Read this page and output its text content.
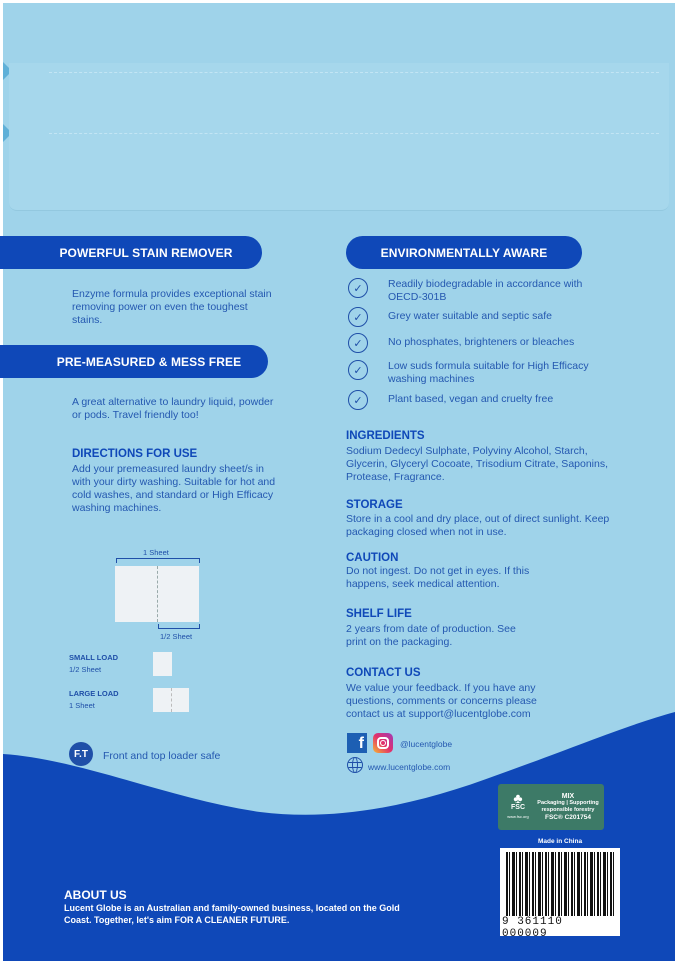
POWERFUL STAIN REMOVER
Enzyme formula provides exceptional stain removing power on even the toughest stains.
PRE-MEASURED & MESS FREE
A great alternative to laundry liquid, powder or pods. Travel friendly too!
DIRECTIONS FOR USE
Add your premeasured laundry sheet/s in with your dirty washing. Suitable for hot and cold washes, and standard or High Efficacy washing machines.
1 Sheet
1/2 Sheet
SMALL LOAD
1/2 Sheet
LARGE LOAD
1 Sheet
F.T	Front and top loader safe
ENVIRONMENTALLY AWARE
✓	Readily biodegradable in accordance with OECD-301B
✓	Grey water suitable and septic safe
✓	No phosphates, brighteners or bleaches
✓	Low suds formula suitable for High Efficacy washing machines
✓	Plant based, vegan and cruelty free
INGREDIENTS
Sodium Dedecyl Sulphate, Polyviny Alcohol, Starch, Glycerin, Glyceryl Cocoate, Trisodium Citrate, Saponins, Protease, Fragrance.
STORAGE
Store in a cool and dry place, out of direct sunlight. Keep packaging closed when not in use.
CAUTION
Do not ingest. Do not get in eyes. If this happens, seek medical attention.
SHELF LIFE
2 years from date of production. See print on the packaging.
CONTACT US
We value your feedback. If you have any questions, comments or concerns please contact us at support@lucentglobe.com
f	@lucentglobe
www.lucentglobe.com
ABOUT US
Lucent Globe is an Australian and family-owned business, located on the Gold Coast. Together, let's aim FOR A CLEANER FUTURE.
♣
FSC
www.fsc.org
MIX
Packaging | Supporting responsible forestry
FSC® C201754
Made in China
9 361110 000009
